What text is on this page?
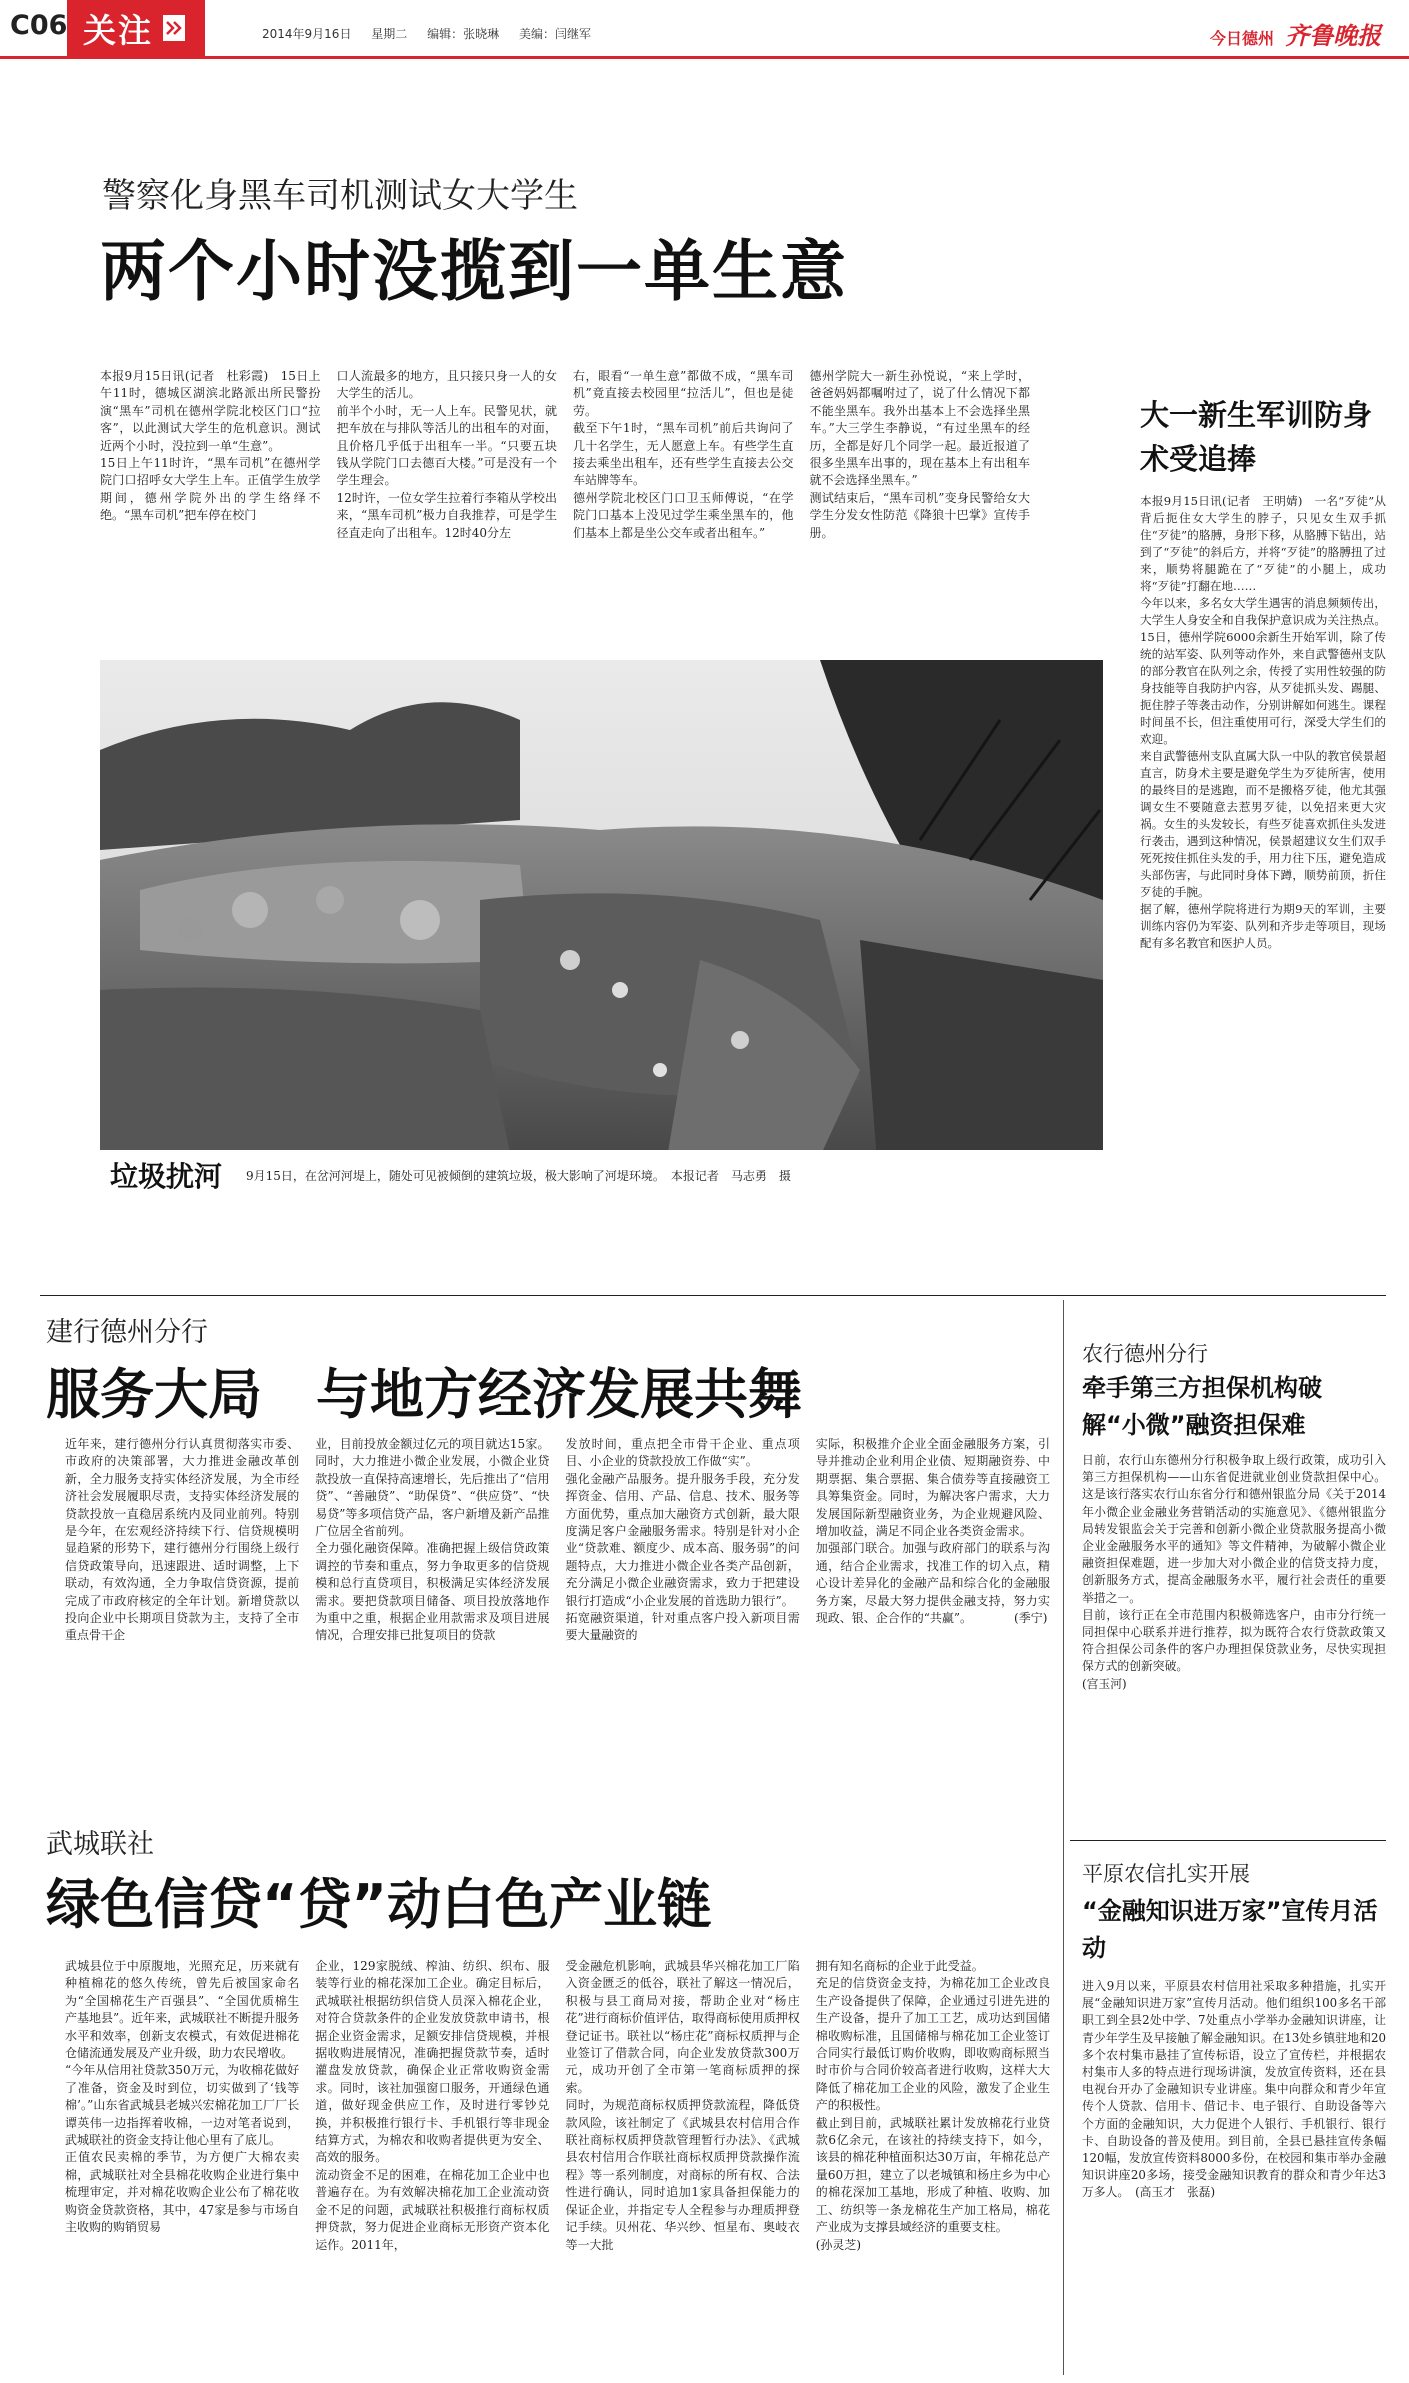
C06 关注	2014年9月16日 星期二 编辑：张晓琳 美编：闫继军	今日德州 齐鲁晚报
警察化身黑车司机测试女大学生
两个小时没揽到一单生意
本报9月15日讯(记者　杜彩霞)　15日上午11时，德城区湖滨北路派出所民警扮演“黑车”司机在德州学院北校区门口“拉客”，以此测试大学生的危机意识。测试近两个小时，没拉到一单“生意”。
15日上午11时许，“黑车司机”在德州学院门口招呼女大学生上车。正值学生放学期间，德州学院外出的学生络绎不绝。“黑车司机”把车停在校门
口人流最多的地方，且只接只身一人的女大学生的活儿。
前半个小时，无一人上车。民警见状，就把车放在与排队等活儿的出租车的对面，且价格几乎低于出租车一半。“只要五块钱从学院门口去德百大楼。”可是没有一个学生理会。
12时许，一位女学生拉着行李箱从学校出来，“黑车司机”极力自我推荐，可是学生径直走向了出租车。12时40分左
右，眼看“一单生意”都做不成，“黑车司机”竟直接去校园里“拉活儿”，但也是徒劳。
截至下午1时，“黑车司机”前后共询问了几十名学生，无人愿意上车。有些学生直接去乘坐出租车，还有些学生直接去公交车站牌等车。
德州学院北校区门口卫玉师傅说，“在学院门口基本上没见过学生乘坐黑车的，他们基本上都是坐公交车或者出租车。”
德州学院大一新生孙悦说，“来上学时，爸爸妈妈都嘱咐过了，说了什么情况下都不能坐黑车。我外出基本上不会选择坐黑车。”大三学生李静说，“有过坐黑车的经历，全都是好几个同学一起。最近报道了很多坐黑车出事的，现在基本上有出租车就不会选择坐黑车。”
测试结束后，“黑车司机”变身民警给女大学生分发女性防范《降狼十巴掌》宣传手册。
垃圾扰河 9月15日，在岔河河堤上，随处可见被倾倒的建筑垃圾，极大影响了河堤环境。　本报记者　马志勇　摄
大一新生军训防身术受追捧
本报9月15日讯(记者　王明婧)　一名“歹徒”从背后扼住女大学生的脖子，只见女生双手抓住“歹徒”的胳膊，身形下移，从胳膊下钻出，站到了“歹徒”的斜后方，并将“歹徒”的胳膊扭了过来，顺势将腿跪在了“歹徒”的小腿上，成功将“歹徒”打翻在地……
今年以来，多名女大学生遇害的消息频频传出，大学生人身安全和自我保护意识成为关注热点。15日，德州学院6000余新生开始军训，除了传统的站军姿、队列等动作外，来自武警德州支队的部分教官在队列之余，传授了实用性较强的防身技能等自我防护内容，从歹徒抓头发、踢腿、扼住脖子等袭击动作，分别讲解如何逃生。课程时间虽不长，但注重使用可行，深受大学生们的欢迎。
来自武警德州支队直属大队一中队的教官侯景超直言，防身术主要是避免学生为歹徒所害，使用的最终目的是逃跑，而不是搬格歹徒，他尤其强调女生不要随意去惹男歹徒，以免招来更大灾祸。女生的头发较长，有些歹徒喜欢抓住头发进行袭击，遇到这种情况，侯景超建议女生们双手死死按住抓住头发的手，用力往下压，避免造成头部伤害，与此同时身体下蹲，顺势前顶，折住歹徒的手腕。
据了解，德州学院将进行为期9天的军训，主要训练内容仍为军姿、队列和齐步走等项目，现场配有多名教官和医护人员。
建行德州分行
服务大局　与地方经济发展共舞
近年来，建行德州分行认真贯彻落实市委、市政府的决策部署，大力推进金融改革创新，全力服务支持实体经济发展，为全市经济社会发展履职尽责，支持实体经济发展的贷款投放一直稳居系统内及同业前列。特别是今年，在宏观经济持续下行、信贷规模明显趋紧的形势下，建行德州分行围绕上级行信贷政策导向，迅速跟进、适时调整，上下联动，有效沟通，全力争取信贷资源，提前完成了市政府核定的全年计划。新增贷款以投向企业中长期项目贷款为主，支持了全市重点骨干企
业，目前投放金额过亿元的项目就达15家。同时，大力推进小微企业发展，小微企业贷款投放一直保持高速增长，先后推出了“信用贷”、“善融贷”、“助保贷”、“供应贷”、“快易贷”等多项信贷产品，客户新增及新产品推广位居全省前列。
全力强化融资保障。准确把握上级信贷政策调控的节奏和重点，努力争取更多的信贷规模和总行直贷项目，积极满足实体经济发展需求。要把贷款项目储备、项目投放落地作为重中之重，根据企业用款需求及项目进展情况，合理安排已批复项目的贷款
发放时间，重点把全市骨干企业、重点项目、小企业的贷款投放工作做“实”。
强化金融产品服务。提升服务手段，充分发挥资金、信用、产品、信息、技术、服务等方面优势，重点加大融资方式创新，最大限度满足客户金融服务需求。特别是针对小企业“贷款难、额度少、成本高、服务弱”的问题特点，大力推进小微企业各类产品创新，充分满足小微企业融资需求，致力于把建设银行打造成“小企业发展的首选助力银行”。
拓宽融资渠道，针对重点客户投入新项目需要大量融资的
实际，积极推介企业全面金融服务方案，引导并推动企业利用企业债、短期融资券、中期票据、集合票据、集合债券等直接融资工具筹集资金。同时，为解决客户需求，大力发展国际新型融资业务，为企业规避风险、增加收益，满足不同企业各类资金需求。
加强部门联合。加强与政府部门的联系与沟通，结合企业需求，找准工作的切入点，精心设计差异化的金融产品和综合化的金融服务方案，尽最大努力提供金融支持，努力实现政、银、企合作的“共赢”。　　　　(季宁)
农行德州分行
牵手第三方担保机构破解“小微”融资担保难
日前，农行山东德州分行积极争取上级行政策，成功引入第三方担保机构——山东省促进就业创业贷款担保中心。这是该行落实农行山东省分行和德州银监分局《关于2014年小微企业金融业务营销活动的实施意见》、《德州银监分局转发银监会关于完善和创新小微企业贷款服务提高小微企业金融服务水平的通知》等文件精神，为破解小微企业融资担保难题，进一步加大对小微企业的信贷支持力度，创新服务方式，提高金融服务水平，履行社会责任的重要举措之一。
目前，该行正在全市范围内积极筛选客户，由市分行统一同担保中心联系并进行推荐，拟为既符合农行贷款政策又符合担保公司条件的客户办理担保贷款业务，尽快实现担保方式的创新突破。
(宫玉河)
武城联社
绿色信贷“贷”动白色产业链
武城县位于中原腹地，光照充足，历来就有种植棉花的悠久传统，曾先后被国家命名为“全国棉花生产百强县”、“全国优质棉生产基地县”。近年来，武城联社不断提升服务水平和效率，创新支农模式，有效促进棉花仓储流通发展及产业升级，助力农民增收。
“今年从信用社贷款350万元，为收棉花做好了准备，资金及时到位，切实做到了‘钱等棉’。”山东省武城县老城兴宏棉花加工厂厂长谭英伟一边指挥着收棉，一边对笔者说到，武城联社的资金支持让他心里有了底儿。
正值农民卖棉的季节，为方便广大棉农卖棉，武城联社对全县棉花收购企业进行集中梳理审定，并对棉花收购企业公布了棉花收购资金贷款资格，其中，47家是参与市场自主收购的购销贸易
企业，129家脱绒、榨油、纺织、织布、服装等行业的棉花深加工企业。确定目标后，武城联社根据纺织信贷人员深入棉花企业，对符合贷款条件的企业发放贷款申请书，根据企业资金需求，足额安排信贷规模，并根据收购进展情况，准确把握贷款节奏，适时灌盘发放贷款，确保企业正常收购资金需求。同时，该社加强窗口服务，开通绿色通道，做好现金供应工作，及时进行零钞兑换，并积极推行银行卡、手机银行等非现金结算方式，为棉农和收购者提供更为安全、高效的服务。
流动资金不足的困难，在棉花加工企业中也普遍存在。为有效解决棉花加工企业流动资金不足的问题，武城联社积极推行商标权质押贷款，努力促进企业商标无形资产资本化运作。2011年，
受金融危机影响，武城县华兴棉花加工厂陷入资金匮乏的低谷，联社了解这一情况后，积极与县工商局对接，帮助企业对“杨庄花”进行商标价值评估，取得商标使用质押权登记证书。联社以“杨庄花”商标权质押与企业签订了借款合同，向企业发放贷款300万元，成功开创了全市第一笔商标质押的探索。
同时，为规范商标权质押贷款流程，降低贷款风险，该社制定了《武城县农村信用合作联社商标权质押贷款管理暂行办法》、《武城县农村信用合作联社商标权质押贷款操作流程》等一系列制度，对商标的所有权、合法性进行确认，同时追加1家具备担保能力的保证企业，并指定专人全程参与办理质押登记手续。贝州花、华兴纱、恒星布、奥岐衣等一大批
拥有知名商标的企业于此受益。
充足的信贷资金支持，为棉花加工企业改良生产设备提供了保障，企业通过引进先进的生产设备，提升了加工工艺，成功达到国储棉收购标准，且国储棉与棉花加工企业签订合同实行最低订购价收购，即收购商标照当时市价与合同价较高者进行收购，这样大大降低了棉花加工企业的风险，激发了企业生产的积极性。
截止到目前，武城联社累计发放棉花行业贷款6亿余元，在该社的持续支持下，如今，该县的棉花种植面积达30万亩，年棉花总产量60万担，建立了以老城镇和杨庄乡为中心的棉花深加工基地，形成了种植、收购、加工、纺织等一条龙棉花生产加工格局，棉花产业成为支撑县域经济的重要支柱。
(孙灵芝)
平原农信扎实开展
“金融知识进万家”宣传月活动
进入9月以来，平原县农村信用社采取多种措施，扎实开展“金融知识进万家”宣传月活动。他们组织100多名干部职工到全县2处中学、7处重点小学举办金融知识讲座，让青少年学生及早接触了解金融知识。在13处乡镇驻地和20多个农村集市悬挂了宣传标语，设立了宣传栏，并根据农村集市人多的特点进行现场讲演，发放宣传资料，还在县电视台开办了金融知识专业讲座。集中向群众和青少年宣传个人贷款、信用卡、借记卡、电子银行、自助设备等六个方面的金融知识，大力促进个人银行、手机银行、银行卡、自助设备的普及使用。到目前，全县已悬挂宣传条幅120幅，发放宣传资料8000多份，在校园和集市举办金融知识讲座20多场，接受金融知识教育的群众和青少年达3万多人。　(高玉才　张磊)
